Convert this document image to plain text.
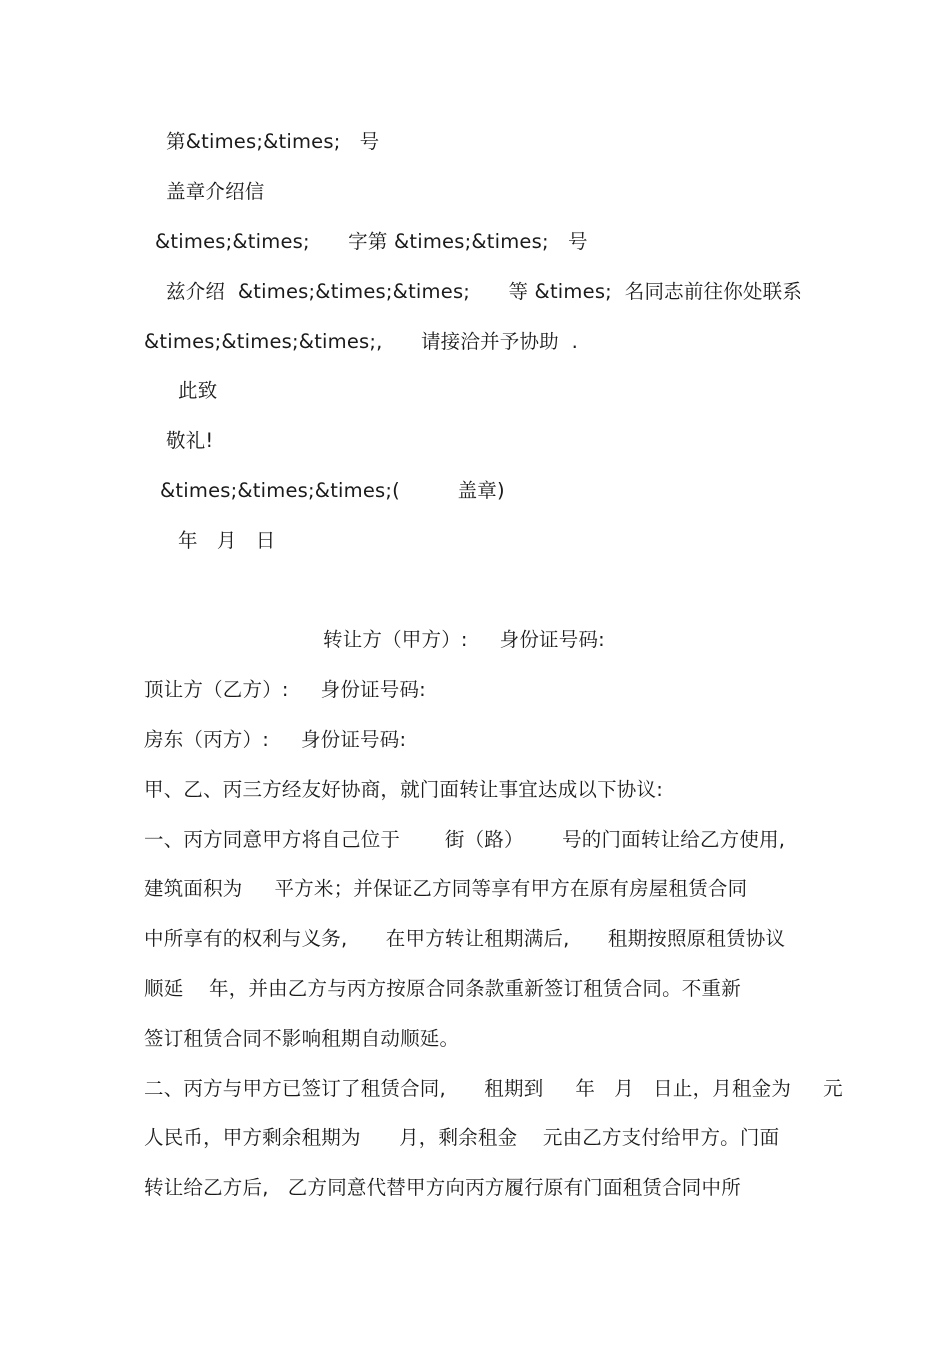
第&times;&times;   号
盖章介绍信
&times;&times;      字第 &times;&times;   号
兹介绍  &times;&times;&times;      等 &times;  名同志前往你处联系
&times;&times;&times;,      请接洽并予协助  .
此致
敬礼!
&times;&times;&times;(         盖章)
年   月   日
转让方（甲方）:     身份证号码:
顶让方（乙方）:     身份证号码:
房东（丙方）:     身份证号码:
甲、乙、丙三方经友好协商，就门面转让事宜达成以下协议:
一、丙方同意甲方将自己位于       街（路）      号的门面转让给乙方使用,
建筑面积为     平方米；并保证乙方同等享有甲方在原有房屋租赁合同
中所享有的权利与义务,      在甲方转让租期满后,      租期按照原租赁协议
顺延    年，并由乙方与丙方按原合同条款重新签订租赁合同。不重新
签订租赁合同不影响租期自动顺延。
二、丙方与甲方已签订了租赁合同,      租期到     年   月   日止，月租金为     元
人民币，甲方剩余租期为      月，剩余租金    元由乙方支付给甲方。门面
转让给乙方后,   乙方同意代替甲方向丙方履行原有门面租赁合同中所
